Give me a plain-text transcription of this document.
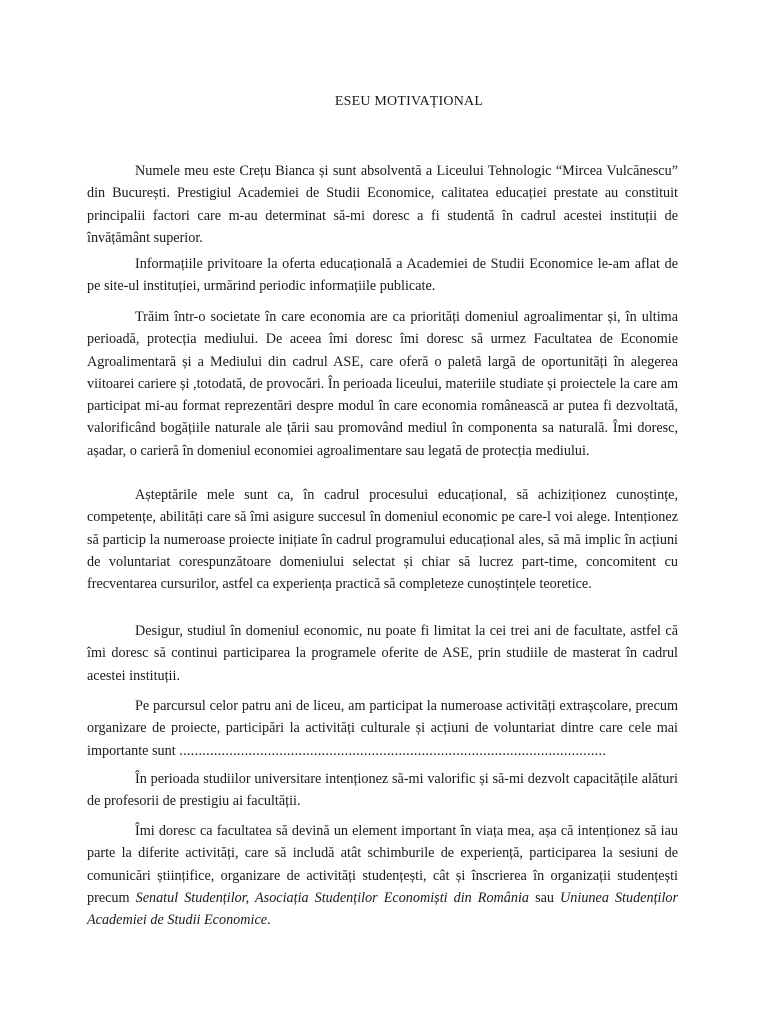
ESEU MOTIVAȚIONAL

Numele meu este Crețu Bianca și sunt absolventă a Liceului Tehnologic “Mircea Vulcănescu” din București. Prestigiul Academiei de Studii Economice, calitatea educației prestate au constituit principalii factori care m-au determinat să-mi doresc a fi studentă în cadrul acestei instituții de învățământ superior.

Informațiile privitoare la oferta educațională a Academiei de Studii Economice le-am aflat de pe site-ul instituției, urmărind periodic informațiile publicate.

Trăim într-o societate în care economia are ca priorități domeniul agroalimentar și, în ultima perioadă, protecția mediului. De aceea îmi doresc îmi doresc să urmez Facultatea de Economie Agroalimentară și a Mediului din cadrul ASE, care oferă o paletă largă de oportunități în alegerea viitoarei cariere și ,totodată, de provocări. În perioada liceului, materiile studiate și proiectele la care am participat mi-au format reprezentări despre modul în care economia românească ar putea fi dezvoltată, valorificând bogățiile naturale ale țării sau promovând mediul în componenta sa naturală. Îmi doresc, așadar, o carieră în domeniul economiei agroalimentare sau legată de protecția mediului.

Așteptările mele sunt ca, în cadrul procesului educațional, să achiziționez cunoștințe, competențe, abilități care să îmi asigure succesul în domeniul economic pe care-l voi alege. Intenționez să particip la numeroase proiecte inițiate în cadrul programului educațional ales, să mă implic în acțiuni de voluntariat corespunzătoare domeniului selectat și chiar să lucrez part-time, concomitent cu frecventarea cursurilor, astfel ca experiența practică să completeze cunoștințele teoretice.

Desigur, studiul în domeniul economic, nu poate fi limitat la cei trei ani de facultate, astfel că îmi doresc să continui participarea la programele oferite de ASE, prin studiile de masterat în cadrul acestei instituții.

Pe parcursul celor patru ani de liceu, am participat la numeroase activități extrașcolare, precum organizare de proiecte, participări la activități culturale și acțiuni de voluntariat dintre care cele mai importante sunt ...............................................................................................................

În perioada studiilor universitare intenționez să-mi valorific și să-mi dezvolt capacitățile alături de profesorii de prestigiu ai facultății.

Îmi doresc ca facultatea să devină un element important în viața mea, așa că intenționez să iau parte la diferite activități, care să includă atât schimburile de experiență, participarea la sesiuni de comunicări științifice, organizare de activități studențești, cât și înscrierea în organizații studențești precum Senatul Studenților, Asociația Studenților Economiști din România sau Uniunea Studenților Academiei de Studii Economice.
